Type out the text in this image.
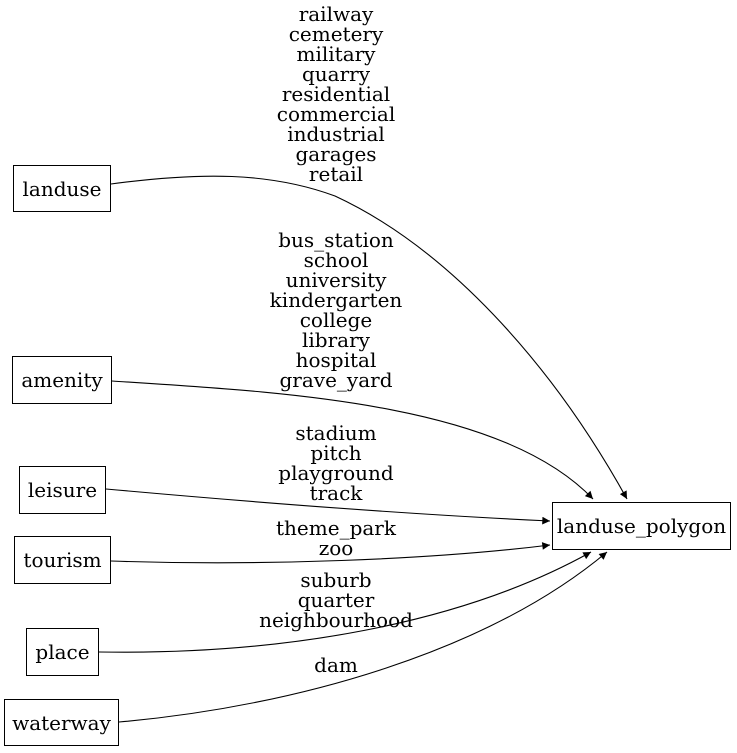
landuse
amenity
leisure
tourism
place
waterway
landuse_polygon
railway
cemetery
military
quarry
residential
commercial
industrial
garages
retail
bus_station
school
university
kindergarten
college
library
hospital
grave_yard
stadium
pitch
playground
track
theme_park
zoo
suburb
quarter
neighbourhood
dam
